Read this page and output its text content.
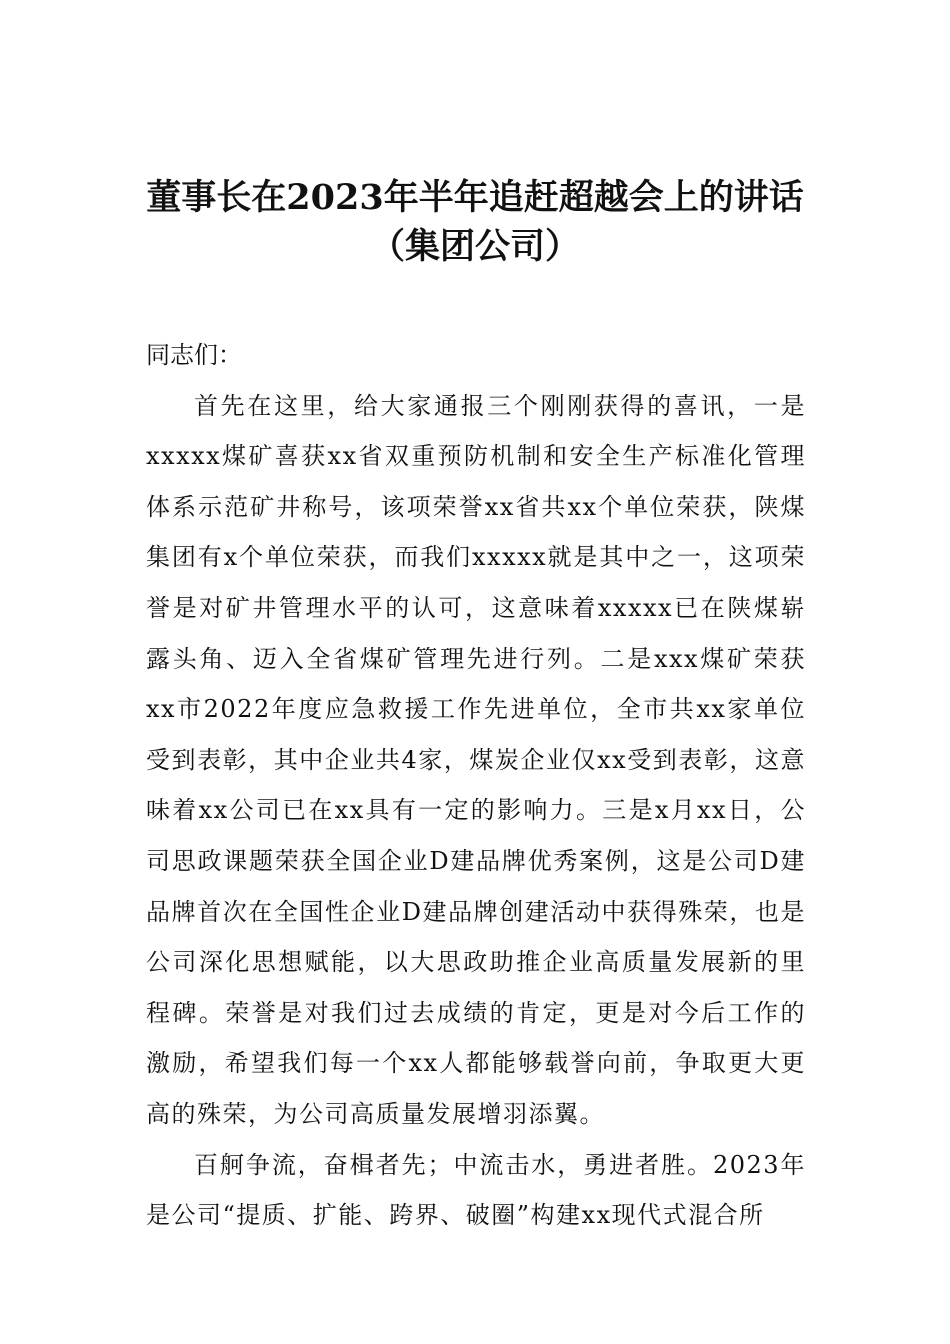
董事长在2023年半年追赶超越会上的讲话
（集团公司）

同志们：

首先在这里，给大家通报三个刚刚获得的喜讯，一是xxxxx煤矿喜获xx省双重预防机制和安全生产标准化管理体系示范矿井称号，该项荣誉xx省共xx个单位荣获，陕煤集团有x个单位荣获，而我们xxxxx就是其中之一，这项荣誉是对矿井管理水平的认可，这意味着xxxxx已在陕煤崭露头角、迈入全省煤矿管理先进行列。二是xxx煤矿荣获xx市2022年度应急救援工作先进单位，全市共xx家单位受到表彰，其中企业共4家，煤炭企业仅xx受到表彰，这意味着xx公司已在xx具有一定的影响力。三是x月xx日，公司思政课题荣获全国企业D建品牌优秀案例，这是公司D建品牌首次在全国性企业D建品牌创建活动中获得殊荣，也是公司深化思想赋能，以大思政助推企业高质量发展新的里程碑。荣誉是对我们过去成绩的肯定，更是对今后工作的激励，希望我们每一个xx人都能够载誉向前，争取更大更高的殊荣，为公司高质量发展增羽添翼。

百舸争流，奋楫者先；中流击水，勇进者胜。2023年是公司“提质、扩能、跨界、破圈”构建xx现代式混合所
